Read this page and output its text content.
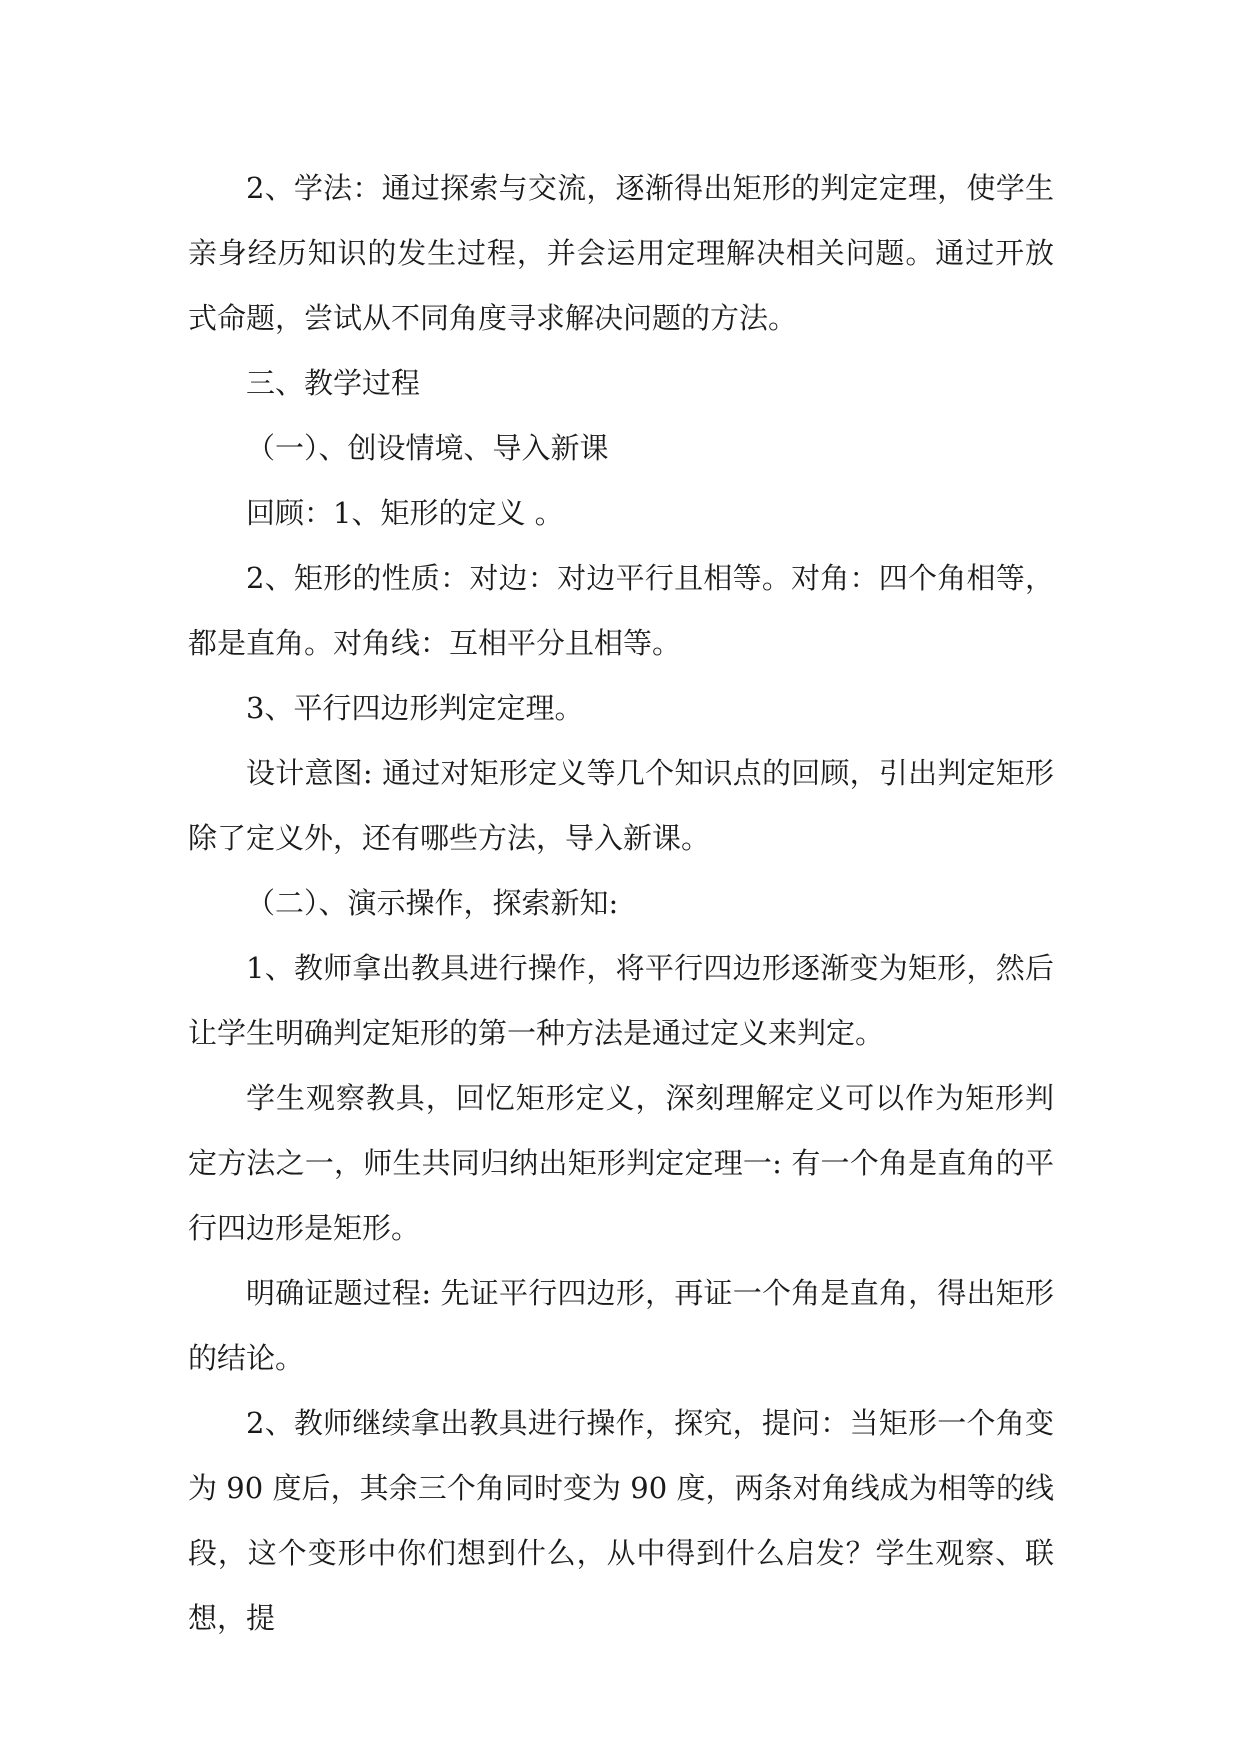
2、学法：通过探索与交流，逐渐得出矩形的判定定理，使学生亲身经历知识的发生过程，并会运用定理解决相关问题。通过开放式命题，尝试从不同角度寻求解决问题的方法。

三、教学过程

（一）、创设情境、导入新课

回顾：1、矩形的定义 。

2、矩形的性质：对边：对边平行且相等。对角：四个角相等，都是直角。对角线：互相平分且相等。

3、平行四边形判定定理。

设计意图: 通过对矩形定义等几个知识点的回顾，引出判定矩形除了定义外，还有哪些方法，导入新课。

（二）、演示操作，探索新知:

1、教师拿出教具进行操作，将平行四边形逐渐变为矩形，然后让学生明确判定矩形的第一种方法是通过定义来判定。

学生观察教具，回忆矩形定义，深刻理解定义可以作为矩形判定方法之一，师生共同归纳出矩形判定定理一: 有一个角是直角的平行四边形是矩形。

明确证题过程: 先证平行四边形，再证一个角是直角，得出矩形的结论。

2、教师继续拿出教具进行操作，探究，提问：当矩形一个角变为 90 度后，其余三个角同时变为 90 度，两条对角线成为相等的线段，这个变形中你们想到什么，从中得到什么启发？学生观察、联想，提
